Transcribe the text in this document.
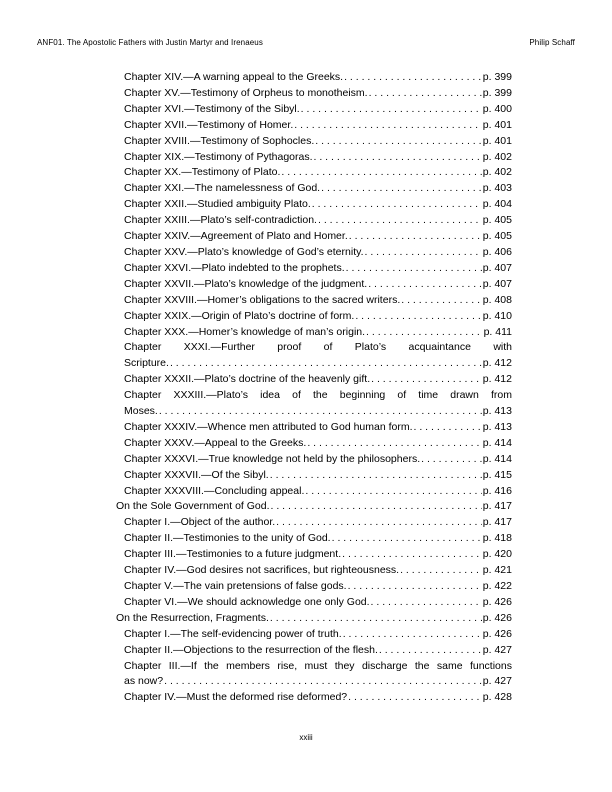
ANF01. The Apostolic Fathers with Justin Martyr and Irenaeus	Philip Schaff
Chapter XIV.—A warning appeal to the Greeks. . . .	p. 399
Chapter XV.—Testimony of Orpheus to monotheism. . . .	p. 399
Chapter XVI.—Testimony of the Sibyl. . . .	p. 400
Chapter XVII.—Testimony of Homer. . . .	p. 401
Chapter XVIII.—Testimony of Sophocles. . . .	p. 401
Chapter XIX.—Testimony of Pythagoras. . . .	p. 402
Chapter XX.—Testimony of Plato. . . .	p. 402
Chapter XXI.—The namelessness of God. . . .	p. 403
Chapter XXII.—Studied ambiguity Plato. . . .	p. 404
Chapter XXIII.—Plato’s self-contradiction. . . .	p. 405
Chapter XXIV.—Agreement of Plato and Homer. . . .	p. 405
Chapter XXV.—Plato’s knowledge of God’s eternity. . . .	p. 406
Chapter XXVI.—Plato indebted to the prophets. . . .	p. 407
Chapter XXVII.—Plato’s knowledge of the judgment. . . .	p. 407
Chapter XXVIII.—Homer’s obligations to the sacred writers. . . .	p. 408
Chapter XXIX.—Origin of Plato’s doctrine of form. . . .	p. 410
Chapter XXX.—Homer’s knowledge of man’s origin. . . .	p. 411
Chapter XXXI.—Further proof of Plato’s acquaintance with
Scripture. . . .	p. 412
Chapter XXXII.—Plato’s doctrine of the heavenly gift. . . .	p. 412
Chapter XXXIII.—Plato’s idea of the beginning of time drawn from
Moses. . . .	p. 413
Chapter XXXIV.—Whence men attributed to God human form. . . .	p. 413
Chapter XXXV.—Appeal to the Greeks. . . .	p. 414
Chapter XXXVI.—True knowledge not held by the philosophers. . . .	p. 414
Chapter XXXVII.—Of the Sibyl. . . .	p. 415
Chapter XXXVIII.—Concluding appeal. . . .	p. 416
On the Sole Government of God. . . .	p. 417
Chapter I.—Object of the author. . . .	p. 417
Chapter II.—Testimonies to the unity of God. . . .	p. 418
Chapter III.—Testimonies to a future judgment. . . .	p. 420
Chapter IV.—God desires not sacrifices, but righteousness. . . .	p. 421
Chapter V.—The vain pretensions of false gods. . . .	p. 422
Chapter VI.—We should acknowledge one only God. . . .	p. 426
On the Resurrection, Fragments. . . .	p. 426
Chapter I.—The self-evidencing power of truth. . . .	p. 426
Chapter II.—Objections to the resurrection of the flesh. . . .	p. 427
Chapter III.—If the members rise, must they discharge the same functions
as now? . . .	p. 427
Chapter IV.—Must the deformed rise deformed? . . .	p. 428
xxiii
